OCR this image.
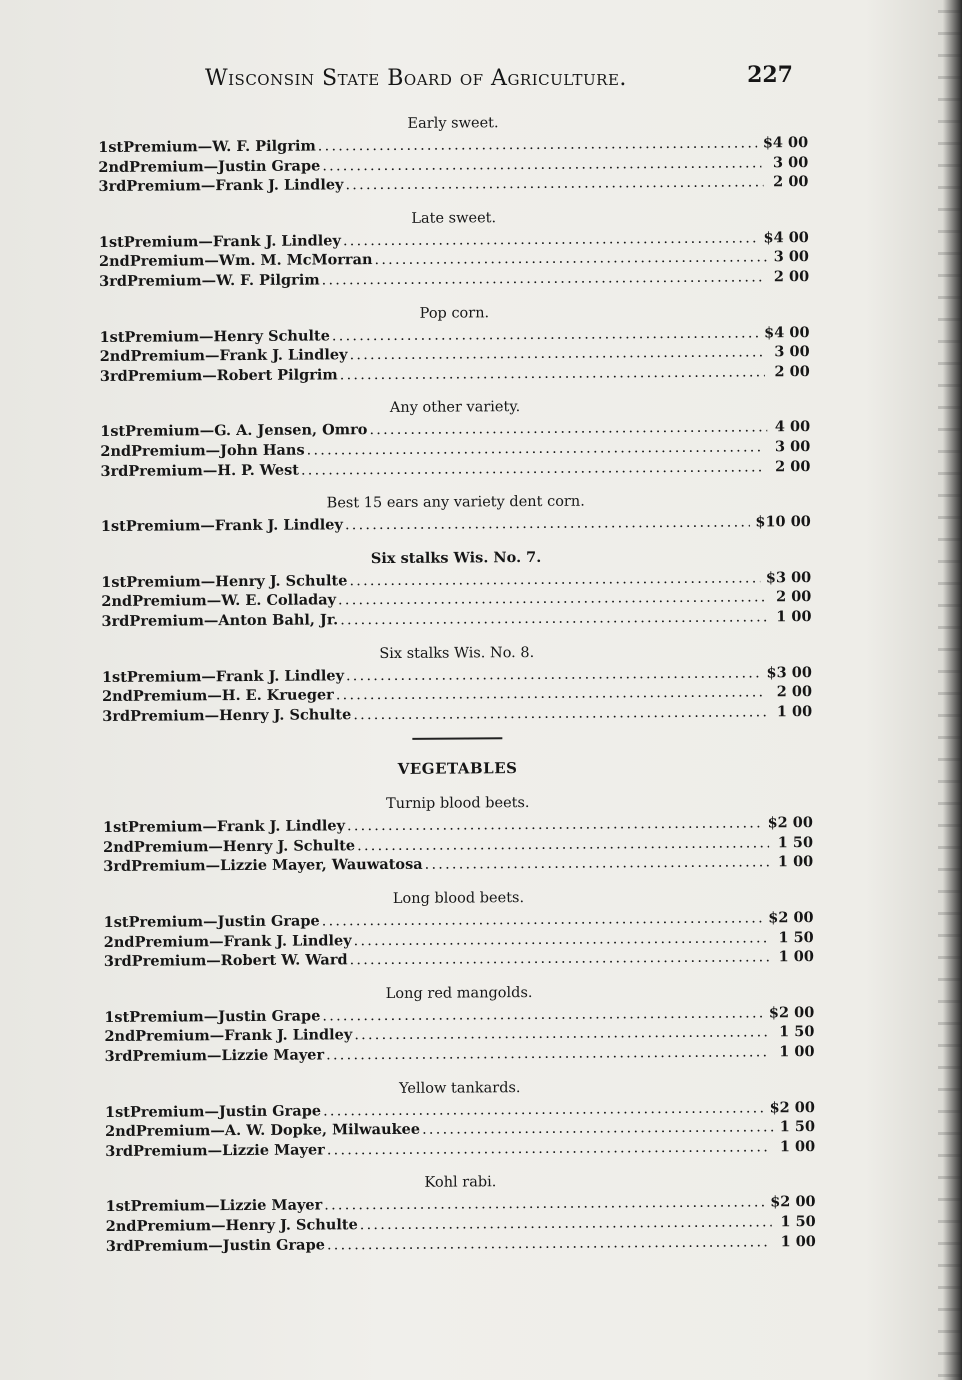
Wisconsin State Board of Agriculture.	227
Early sweet.
1st Premium—W. F. Pilgrim . . .	$4 00
2nd Premium—Justin Grape . . .	3 00
3rd Premium—Frank J. Lindley . . .	2 00
Late sweet.
1st Premium—Frank J. Lindley . . .	$4 00
2nd Premium—Wm. M. McMorran . . .	3 00
3rd Premium—W. F. Pilgrim . . .	2 00
Pop corn.
1st Premium—Henry Schulte . . .	$4 00
2nd Premium—Frank J. Lindley . . .	3 00
3rd Premium—Robert Pilgrim . . .	2 00
Any other variety.
1st Premium—G. A. Jensen, Omro . . .	4 00
2nd Premium—John Hans . . .	3 00
3rd Premium—H. P. West . . .	2 00
Best 15 ears any variety dent corn.
1st Premium—Frank J. Lindley . . .	$10 00
Six stalks Wis. No. 7.
1st Premium—Henry J. Schulte . . .	$3 00
2nd Premium—W. E. Colladay . . .	2 00
3rd Premium—Anton Bahl, Jr. . . .	1 00
Six stalks Wis. No. 8.
1st Premium—Frank J. Lindley . . .	$3 00
2nd Premium—H. E. Krueger . . .	2 00
3rd Premium—Henry J. Schulte . . .	1 00
VEGETABLES
Turnip blood beets.
1st Premium—Frank J. Lindley . . .	$2 00
2nd Premium—Henry J. Schulte . . .	1 50
3rd Premium—Lizzie Mayer, Wauwatosa . . .	1 00
Long blood beets.
1st Premium—Justin Grape . . .	$2 00
2nd Premium—Frank J. Lindley . . .	1 50
3rd Premium—Robert W. Ward . . .	1 00
Long red mangolds.
1st Premium—Justin Grape . . .	$2 00
2nd Premium—Frank J. Lindley . . .	1 50
3rd Premium—Lizzie Mayer . . .	1 00
Yellow tankards.
1st Premium—Justin Grape . . .	$2 00
2nd Premium—A. W. Dopke, Milwaukee . . .	1 50
3rd Premium—Lizzie Mayer . . .	1 00
Kohl rabi.
1st Premium—Lizzie Mayer . . .	$2 00
2nd Premium—Henry J. Schulte . . .	1 50
3rd Premium—Justin Grape . . .	1 00
